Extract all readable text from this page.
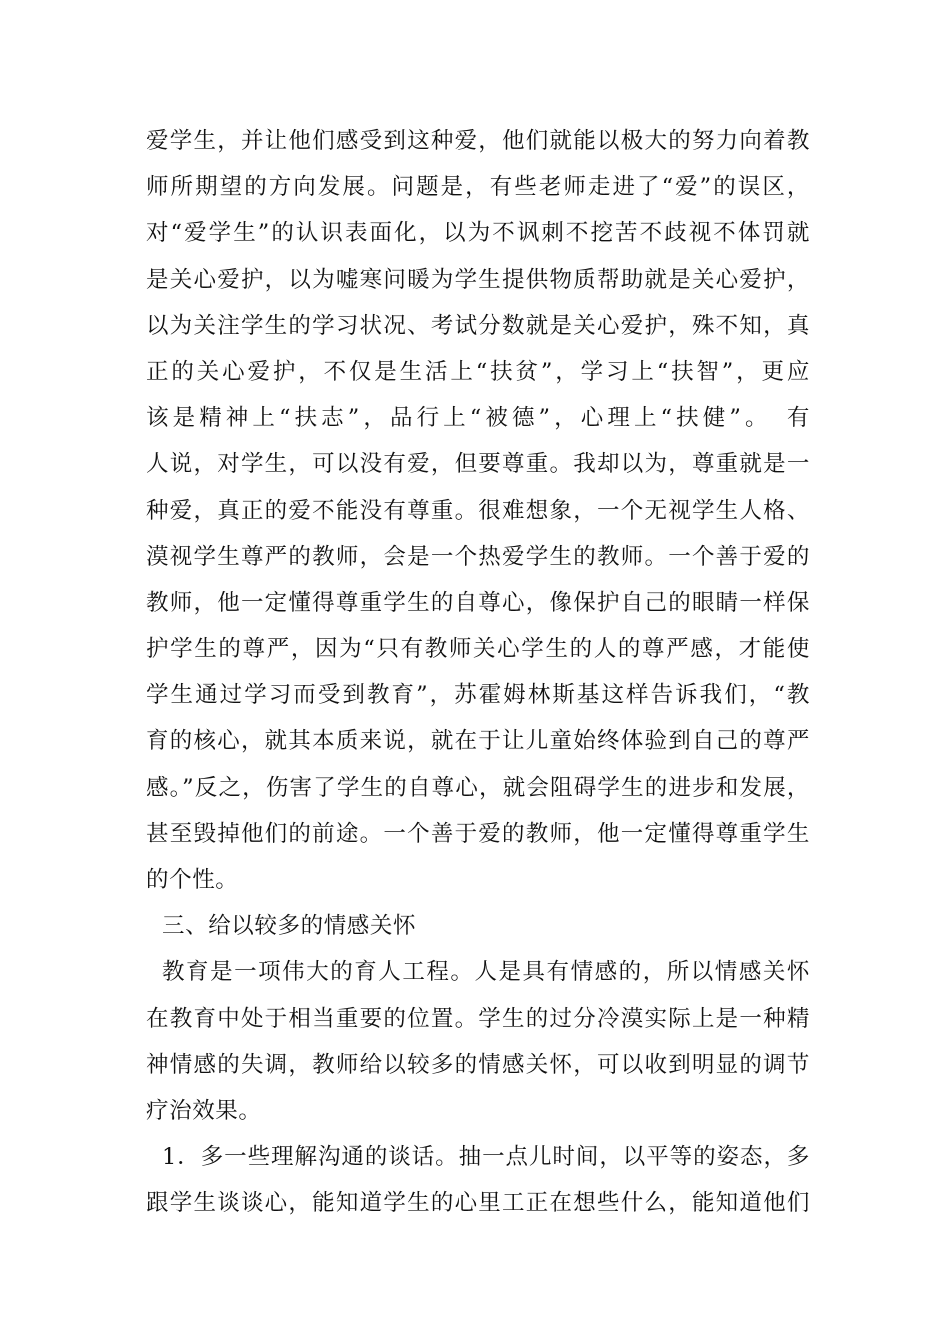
爱学生，并让他们感受到这种爱，他们就能以极大的努力向着教
师所期望的方向发展。问题是，有些老师走进了“爱”的误区，
对“爱学生”的认识表面化，以为不讽刺不挖苦不歧视不体罚就
是关心爱护，以为嘘寒问暖为学生提供物质帮助就是关心爱护，
以为关注学生的学习状况、考试分数就是关心爱护，殊不知，真
正的关心爱护，不仅是生活上“扶贫”，学习上“扶智”，更应
该是精神上“扶志”，品行上“被德”，心理上“扶健”。　有
人说，对学生，可以没有爱，但要尊重。我却以为，尊重就是一
种爱，真正的爱不能没有尊重。很难想象，一个无视学生人格、
漠视学生尊严的教师，会是一个热爱学生的教师。一个善于爱的
教师，他一定懂得尊重学生的自尊心，像保护自己的眼睛一样保
护学生的尊严，因为“只有教师关心学生的人的尊严感，才能使
学生通过学习而受到教育”，苏霍姆林斯基这样告诉我们，“教
育的核心，就其本质来说，就在于让儿童始终体验到自己的尊严
感。”反之，伤害了学生的自尊心，就会阻碍学生的进步和发展，
甚至毁掉他们的前途。一个善于爱的教师，他一定懂得尊重学生
的个性。
三、给以较多的情感关怀
教育是一项伟大的育人工程。人是具有情感的，所以情感关怀
在教育中处于相当重要的位置。学生的过分冷漠实际上是一种精
神情感的失调，教师给以较多的情感关怀，可以收到明显的调节
疗治效果。
1．多一些理解沟通的谈话。抽一点儿时间，以平等的姿态，多
跟学生谈谈心，能知道学生的心里工正在想些什么，能知道他们
